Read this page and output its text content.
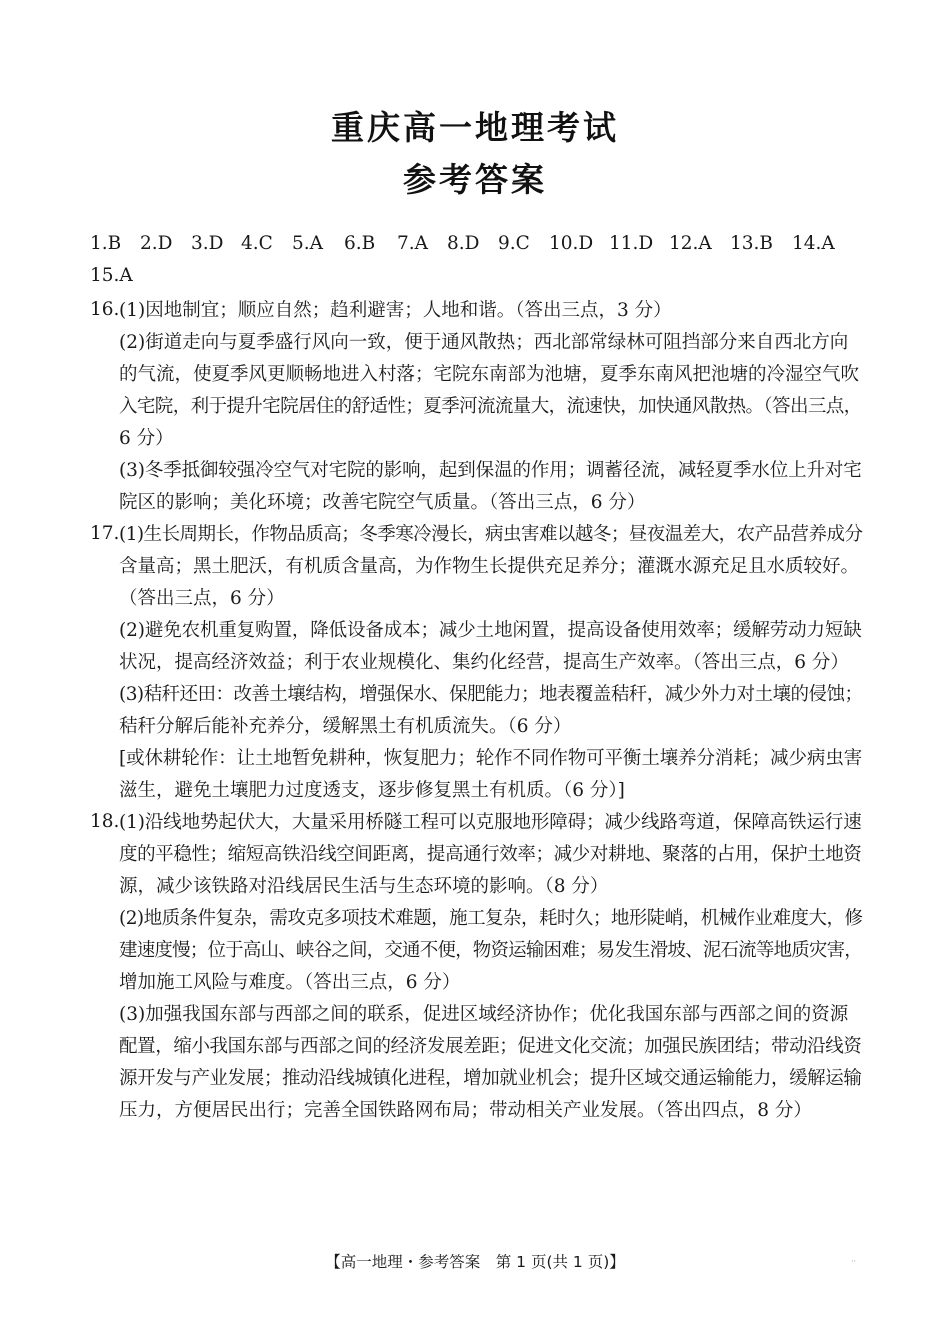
重庆高一地理考试
参考答案
1.B 2.D 3.D 4.C 5.A 6.B 7.A 8.D 9.C 10.D 11.D 12.A 13.B 14.A
15.A
16. (1)因地制宜；顺应自然；趋利避害；人地和谐。（答出三点，3 分）
(2)街道走向与夏季盛行风向一致，便于通风散热；西北部常绿林可阻挡部分来自西北方向
的气流，使夏季风更顺畅地进入村落；宅院东南部为池塘，夏季东南风把池塘的冷湿空气吹
入宅院，利于提升宅院居住的舒适性；夏季河流流量大，流速快，加快通风散热。（答出三点，
6 分）
(3)冬季抵御较强冷空气对宅院的影响，起到保温的作用；调蓄径流，减轻夏季水位上升对宅
院区的影响；美化环境；改善宅院空气质量。（答出三点，6 分）
17. (1)生长周期长，作物品质高；冬季寒冷漫长，病虫害难以越冬；昼夜温差大，农产品营养成分
含量高；黑土肥沃，有机质含量高，为作物生长提供充足养分；灌溉水源充足且水质较好。
（答出三点，6 分）
(2)避免农机重复购置，降低设备成本；减少土地闲置，提高设备使用效率；缓解劳动力短缺
状况，提高经济效益；利于农业规模化、集约化经营，提高生产效率。（答出三点，6 分）
(3)秸秆还田：改善土壤结构，增强保水、保肥能力；地表覆盖秸秆，减少外力对土壤的侵蚀；
秸秆分解后能补充养分，缓解黑土有机质流失。（6 分）
[或休耕轮作：让土地暂免耕种，恢复肥力；轮作不同作物可平衡土壤养分消耗；减少病虫害
滋生，避免土壤肥力过度透支，逐步修复黑土有机质。（6 分）]
18. (1)沿线地势起伏大，大量采用桥隧工程可以克服地形障碍；减少线路弯道，保障高铁运行速
度的平稳性；缩短高铁沿线空间距离，提高通行效率；减少对耕地、聚落的占用，保护土地资
源，减少该铁路对沿线居民生活与生态环境的影响。（8 分）
(2)地质条件复杂，需攻克多项技术难题，施工复杂，耗时久；地形陡峭，机械作业难度大，修
建速度慢；位于高山、峡谷之间，交通不便，物资运输困难；易发生滑坡、泥石流等地质灾害，
增加施工风险与难度。（答出三点，6 分）
(3)加强我国东部与西部之间的联系，促进区域经济协作；优化我国东部与西部之间的资源
配置，缩小我国东部与西部之间的经济发展差距；促进文化交流；加强民族团结；带动沿线资
源开发与产业发展；推动沿线城镇化进程，增加就业机会；提升区域交通运输能力，缓解运输
压力，方便居民出行；完善全国铁路网布局；带动相关产业发展。（答出四点，8 分）
【高一地理・参考答案　第 1 页(共 1 页)】	··
